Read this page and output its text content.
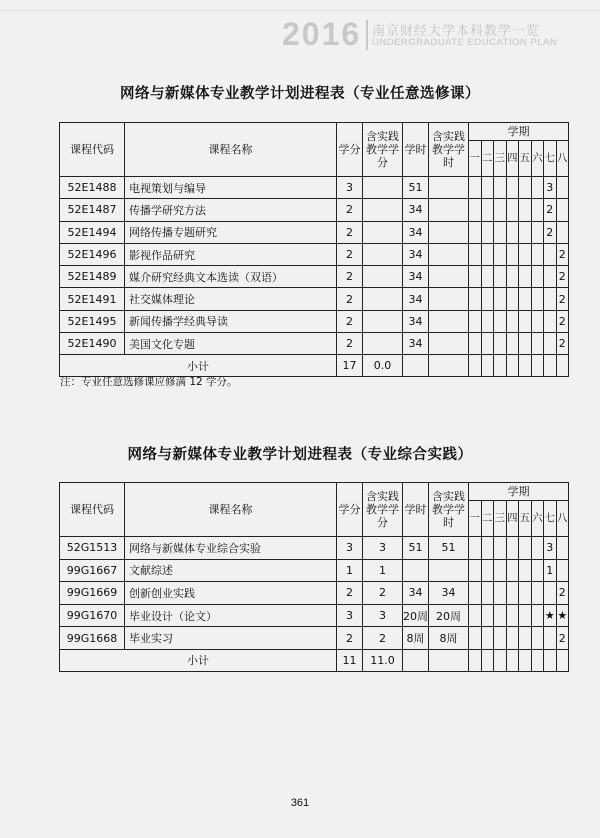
2016 南京财经大学本科教学一览
UNDERGRADUATE EDUCATION PLAN
网络与新媒体专业教学计划进程表（专业任意选修课）
课程代码	课程名称	学分	含实践教学学分	学时	含实践教学学时	学期							
						一	二	三	四	五	六	七	八
52E1488	电视策划与编导	3		51								3	
52E1487	传播学研究方法	2		34								2	
52E1494	网络传播专题研究	2		34								2	
52E1496	影视作品研究	2		34									2
52E1489	媒介研究经典文本选读（双语）	2		34									2
52E1491	社交媒体理论	2		34									2
52E1495	新闻传播学经典导读	2		34									2
52E1490	美国文化专题	2		34									2
小计		17	0.0										
注：专业任意选修课应修满 12 学分。
网络与新媒体专业教学计划进程表（专业综合实践）
课程代码	课程名称	学分	含实践教学学分	学时	含实践教学学时	学期							
						一	二	三	四	五	六	七	八
52G1513	网络与新媒体专业综合实验	3	3	51	51							3	
99G1667	文献综述	1	1									1	
99G1669	创新创业实践	2	2	34	34								2
99G1670	毕业设计（论文）	3	3	20周	20周							★	★
99G1668	毕业实习	2	2	8周	8周								2
小计		11	11.0										
361
